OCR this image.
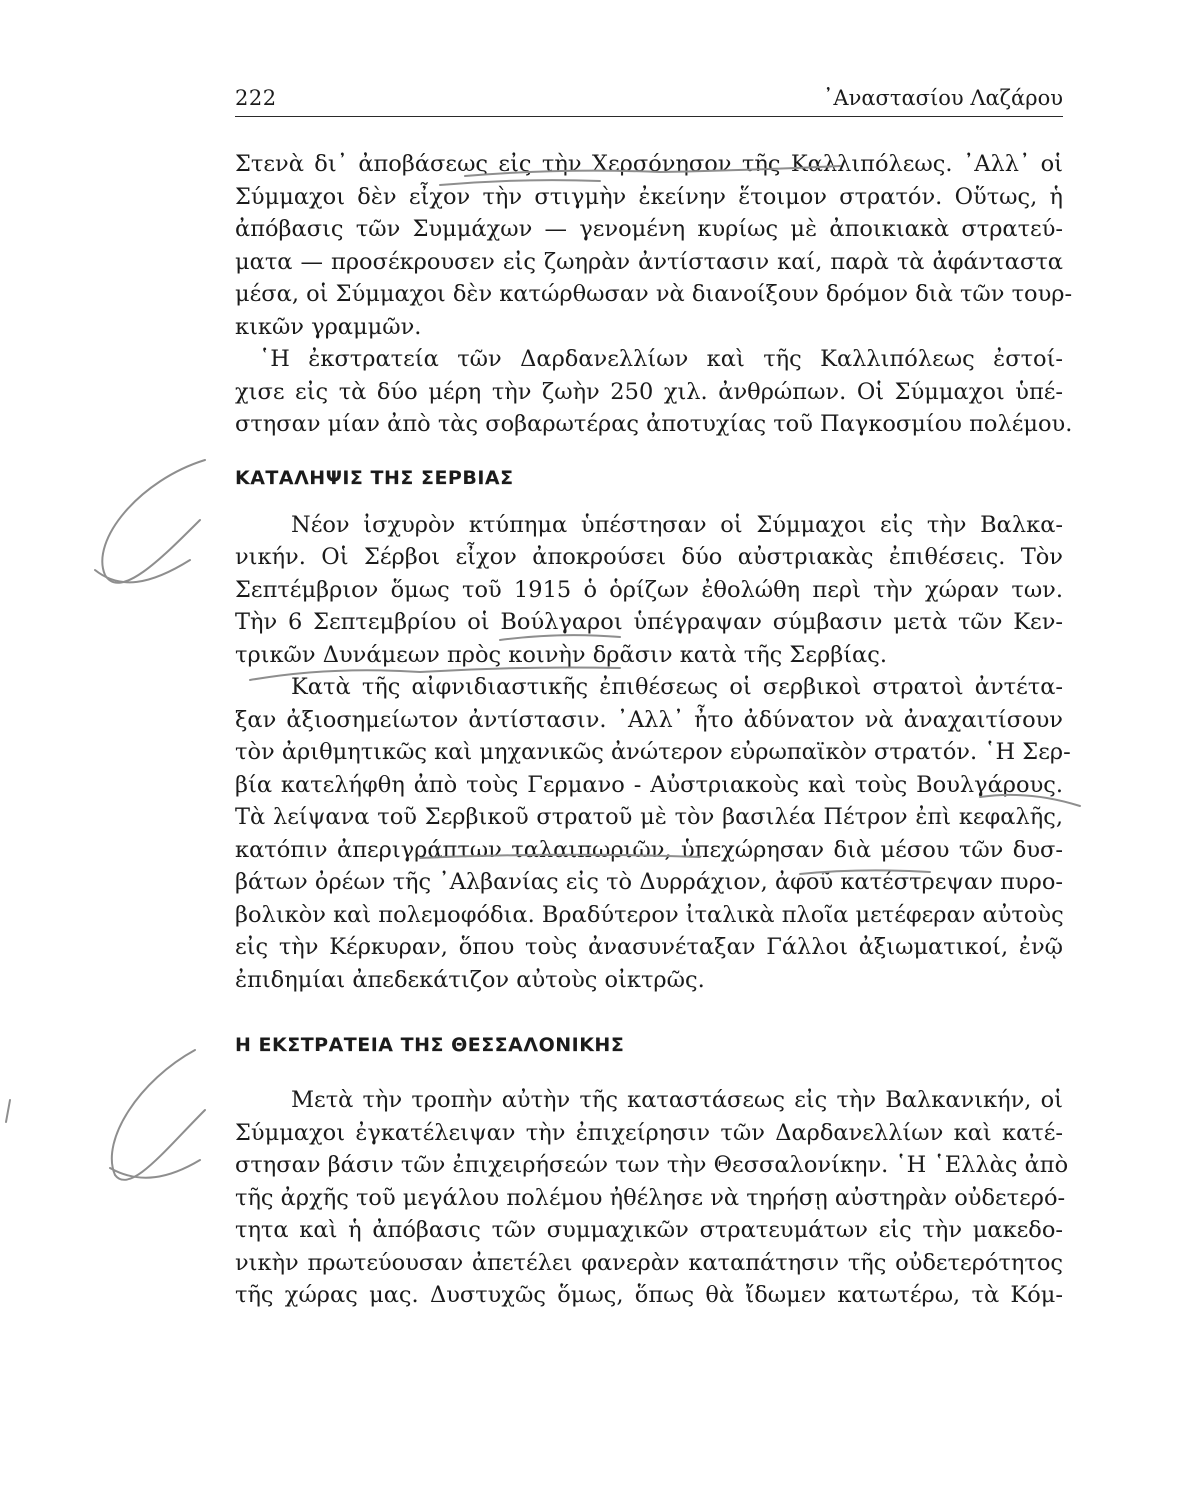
222	᾿Αναστασίου Λαζάρου

Στενὰ δι᾿ ἀποβάσεως εἰς τὴν Χερσόνησον τῆς Καλλιπόλεως. ᾿Αλλ᾿ οἱ
Σύμμαχοι δὲν εἶχον τὴν στιγμὴν ἐκείνην ἕτοιμον στρατόν. Οὕτως, ἡ
ἀπόβασις τῶν Συμμάχων — γενομένη κυρίως μὲ ἀποικιακὰ στρατεύ-
ματα — προσέκρουσεν εἰς ζωηρὰν ἀντίστασιν καί, παρὰ τὰ ἀφάνταστα
μέσα, οἱ Σύμμαχοι δὲν κατώρθωσαν νὰ διανοίξουν δρόμον διὰ τῶν τουρ-
κικῶν γραμμῶν.

῾Η ἐκστρατεία τῶν Δαρδανελλίων καὶ τῆς Καλλιπόλεως ἐστοί-
χισε εἰς τὰ δύο μέρη τὴν ζωὴν 250 χιλ. ἀνθρώπων. Οἱ Σύμμαχοι ὑπέ-
στησαν μίαν ἀπὸ τὰς σοβαρωτέρας ἀποτυχίας τοῦ Παγκοσμίου πολέμου.

ΚΑΤΑΛΗΨΙΣ ΤΗΣ ΣΕΡΒΙΑΣ

Νέον ἰσχυρὸν κτύπημα ὑπέστησαν οἱ Σύμμαχοι εἰς τὴν Βαλκα-
νικήν. Οἱ Σέρβοι εἶχον ἀποκρούσει δύο αὐστριακὰς ἐπιθέσεις. Τὸν
Σεπτέμβριον ὅμως τοῦ 1915 ὁ ὁρίζων ἐθολώθη περὶ τὴν χώραν των.
Τὴν 6 Σεπτεμβρίου οἱ Βούλγαροι ὑπέγραψαν σύμβασιν μετὰ τῶν Κεν-
τρικῶν Δυνάμεων πρὸς κοινὴν δρᾶσιν κατὰ τῆς Σερβίας.

Κατὰ τῆς αἰφνιδιαστικῆς ἐπιθέσεως οἱ σερβικοὶ στρατοὶ ἀντέτα-
ξαν ἀξιοσημείωτον ἀντίστασιν. ᾿Αλλ᾿ ἦτο ἀδύνατον νὰ ἀναχαιτίσουν
τὸν ἀριθμητικῶς καὶ μηχανικῶς ἀνώτερον εὐρωπαϊκὸν στρατόν. ῾Η Σερ-
βία κατελήφθη ἀπὸ τοὺς Γερμανο - Αὐστριακοὺς καὶ τοὺς Βουλγάρους.
Τὰ λείψανα τοῦ Σερβικοῦ στρατοῦ μὲ τὸν βασιλέα Πέτρον ἐπὶ κεφαλῆς,
κατόπιν ἀπεριγράπτων ταλαιπωριῶν, ὑπεχώρησαν διὰ μέσου τῶν δυσ-
βάτων ὀρέων τῆς ᾿Αλβανίας εἰς τὸ Δυρράχιον, ἀφοῦ κατέστρεψαν πυρο-
βολικὸν καὶ πολεμοφόδια. Βραδύτερον ἰταλικὰ πλοῖα μετέφεραν αὐτοὺς
εἰς τὴν Κέρκυραν, ὅπου τοὺς ἀνασυνέταξαν Γάλλοι ἀξιωματικοί, ἐνῷ
ἐπιδημίαι ἀπεδεκάτιζον αὐτοὺς οἰκτρῶς.

Η ΕΚΣΤΡΑΤΕΙΑ ΤΗΣ ΘΕΣΣΑΛΟΝΙΚΗΣ

Μετὰ τὴν τροπὴν αὐτὴν τῆς καταστάσεως εἰς τὴν Βαλκανικήν, οἱ
Σύμμαχοι ἐγκατέλειψαν τὴν ἐπιχείρησιν τῶν Δαρδανελλίων καὶ κατέ-
στησαν βάσιν τῶν ἐπιχειρήσεών των τὴν Θεσσαλονίκην. ῾Η ῾Ελλὰς ἀπὸ
τῆς ἀρχῆς τοῦ μεγάλου πολέμου ἠθέλησε νὰ τηρήσῃ αὐστηρὰν οὐδετερό-
τητα καὶ ἡ ἀπόβασις τῶν συμμαχικῶν στρατευμάτων εἰς τὴν μακεδο-
νικὴν πρωτεύουσαν ἀπετέλει φανερὰν καταπάτησιν τῆς οὐδετερότητος
τῆς χώρας μας. Δυστυχῶς ὅμως, ὅπως θὰ ἴδωμεν κατωτέρω, τὰ Κόμ-
